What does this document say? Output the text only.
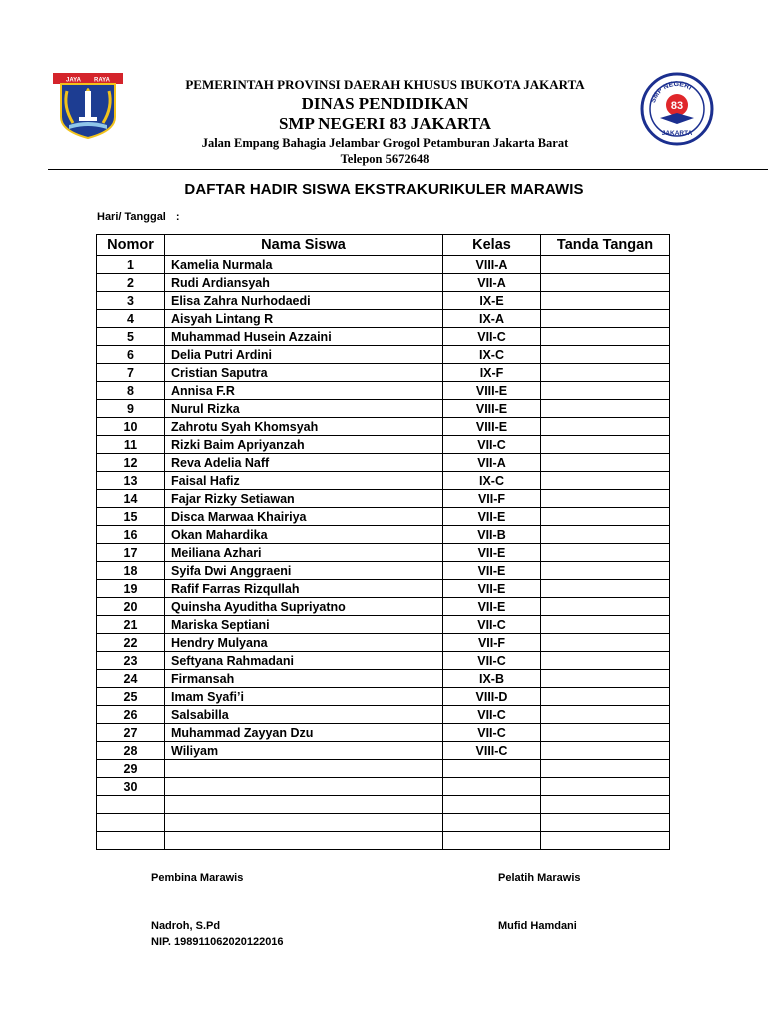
JAYA RAYA
SMP NEGERI
83
JAKARTA
PEMERINTAH PROVINSI DAERAH KHUSUS IBUKOTA JAKARTA
DINAS PENDIDIKAN
SMP NEGERI 83 JAKARTA
Jalan Empang Bahagia Jelambar Grogol Petamburan Jakarta Barat
Telepon 5672648
DAFTAR HADIR SISWA EKSTRAKURIKULER MARAWIS
Hari/ Tanggal :
Nomor	Nama Siswa	Kelas	Tanda Tangan
1	Kamelia Nurmala	VIII-A	
2	Rudi Ardiansyah	VII-A	
3	Elisa Zahra Nurhodaedi	IX-E	
4	Aisyah Lintang R	IX-A	
5	Muhammad Husein Azzaini	VII-C	
6	Delia Putri Ardini	IX-C	
7	Cristian Saputra	IX-F	
8	Annisa F.R	VIII-E	
9	Nurul Rizka	VIII-E	
10	Zahrotu Syah Khomsyah	VIII-E	
11	Rizki Baim Apriyanzah	VII-C	
12	Reva Adelia Naff	VII-A	
13	Faisal Hafiz	IX-C	
14	Fajar Rizky Setiawan	VII-F	
15	Disca Marwaa Khairiya	VII-E	
16	Okan Mahardika	VII-B	
17	Meiliana Azhari	VII-E	
18	Syifa Dwi Anggraeni	VII-E	
19	Rafif Farras Rizqullah	VII-E	
20	Quinsha Ayuditha Supriyatno	VII-E	
21	Mariska Septiani	VII-C	
22	Hendry Mulyana	VII-F	
23	Seftyana Rahmadani	VII-C	
24	Firmansah	IX-B	
25	Imam Syafi’i	VIII-D	
26	Salsabilla	VII-C	
27	Muhammad Zayyan Dzu	VII-C	
28	Wiliyam	VIII-C	
29			
30			

Pembina Marawis
Nadroh, S.Pd
NIP. 198911062020122016
Pelatih Marawis
Mufid Hamdani
